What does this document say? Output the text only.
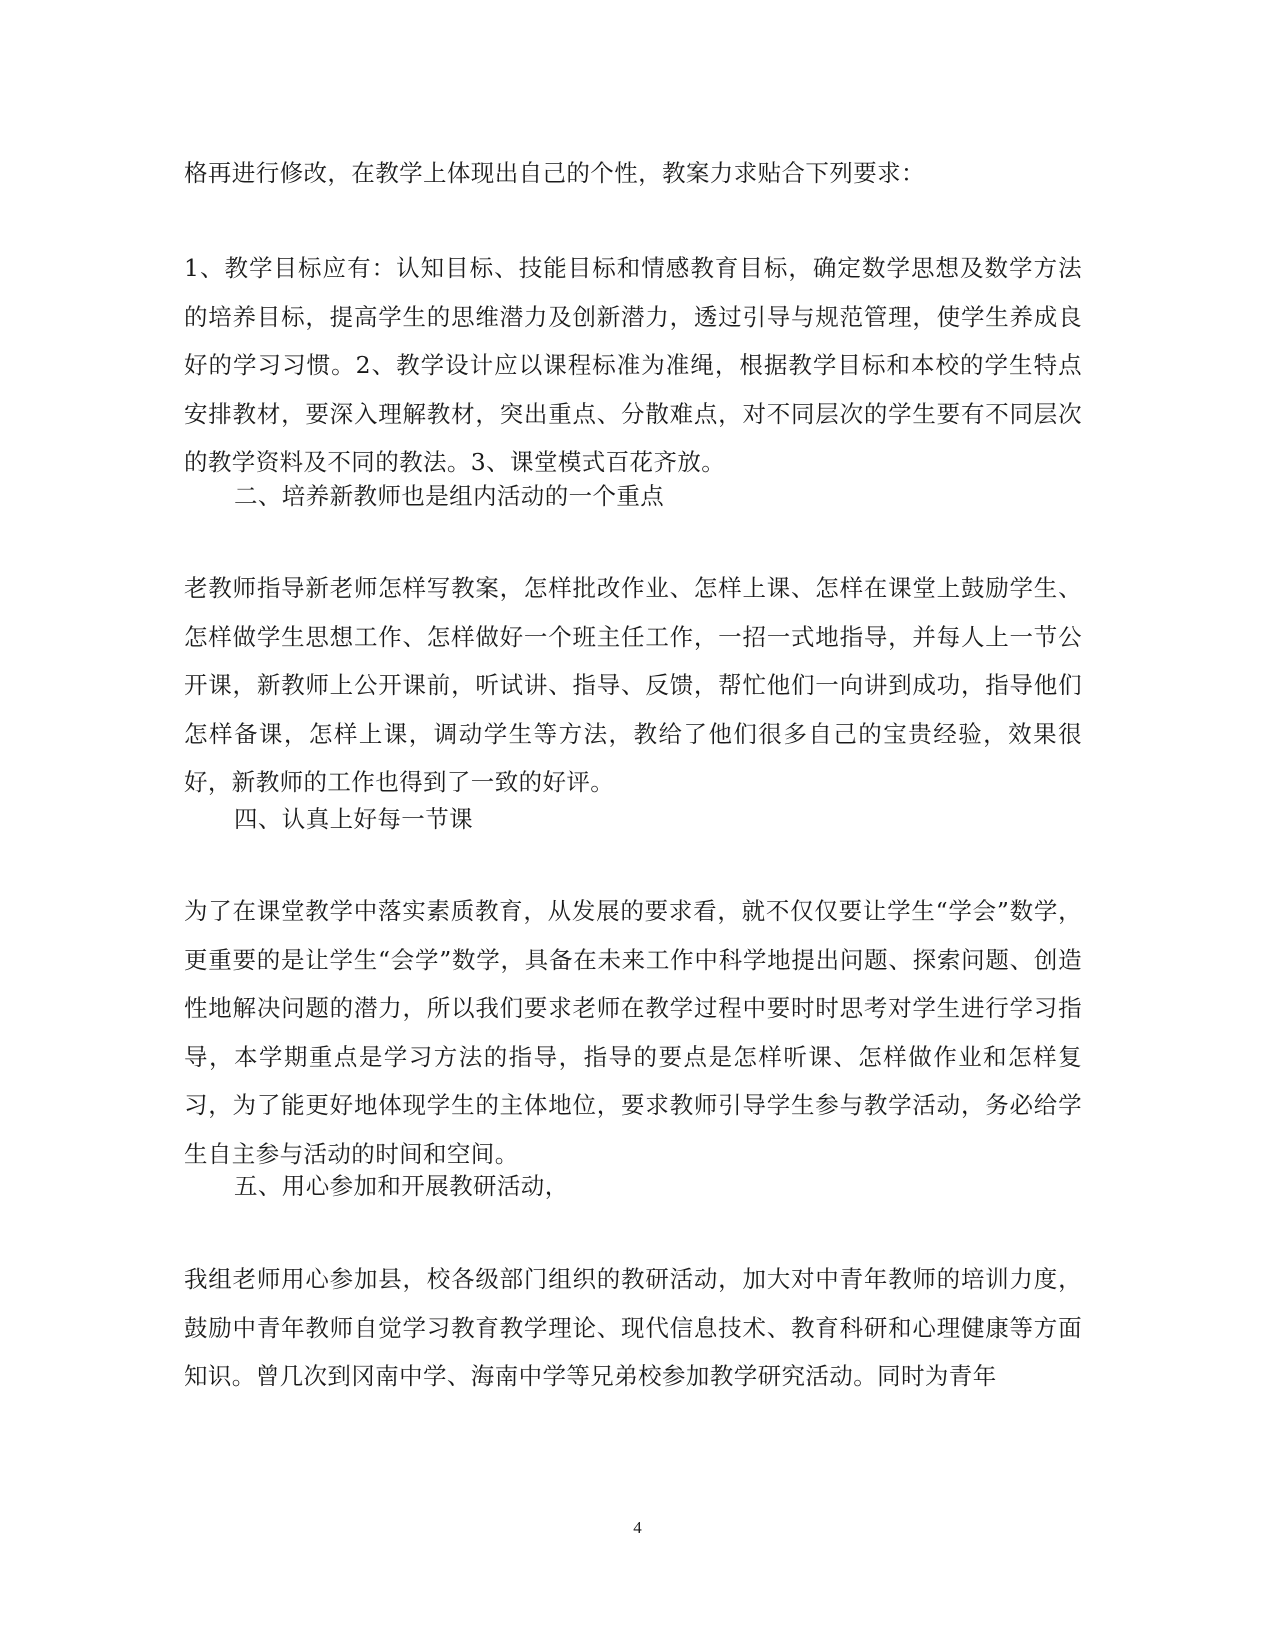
格再进行修改，在教学上体现出自己的个性，教案力求贴合下列要求：
1、教学目标应有：认知目标、技能目标和情感教育目标，确定数学思想及数学方法的培养目标，提高学生的思维潜力及创新潜力，透过引导与规范管理，使学生养成良好的学习习惯。2、教学设计应以课程标准为准绳，根据教学目标和本校的学生特点安排教材，要深入理解教材，突出重点、分散难点，对不同层次的学生要有不同层次的教学资料及不同的教法。3、课堂模式百花齐放。
二、培养新教师也是组内活动的一个重点
老教师指导新老师怎样写教案，怎样批改作业、怎样上课、怎样在课堂上鼓励学生、怎样做学生思想工作、怎样做好一个班主任工作，一招一式地指导，并每人上一节公开课，新教师上公开课前，听试讲、指导、反馈，帮忙他们一向讲到成功，指导他们怎样备课，怎样上课，调动学生等方法，教给了他们很多自己的宝贵经验，效果很好，新教师的工作也得到了一致的好评。
四、认真上好每一节课
为了在课堂教学中落实素质教育，从发展的要求看，就不仅仅要让学生“学会”数学，更重要的是让学生“会学”数学，具备在未来工作中科学地提出问题、探索问题、创造性地解决问题的潜力，所以我们要求老师在教学过程中要时时思考对学生进行学习指导，本学期重点是学习方法的指导，指导的要点是怎样听课、怎样做作业和怎样复习，为了能更好地体现学生的主体地位，要求教师引导学生参与教学活动，务必给学生自主参与活动的时间和空间。
五、用心参加和开展教研活动，
我组老师用心参加县，校各级部门组织的教研活动，加大对中青年教师的培训力度，鼓励中青年教师自觉学习教育教学理论、现代信息技术、教育科研和心理健康等方面知识。曾几次到冈南中学、海南中学等兄弟校参加教学研究活动。同时为青年
4
